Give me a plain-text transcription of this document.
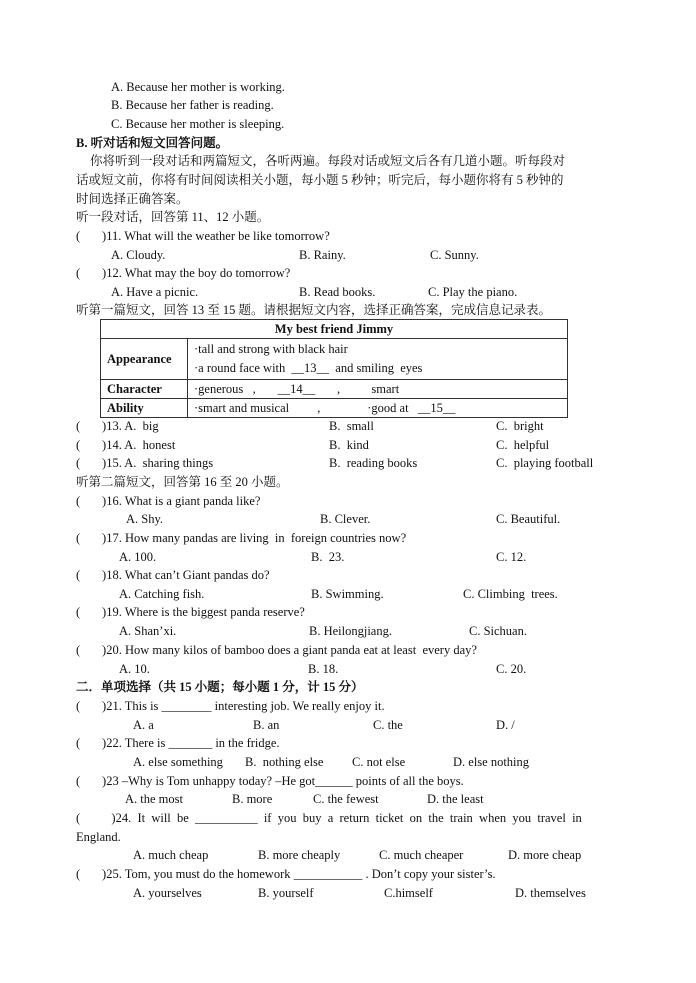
A. Because her mother is working.
B. Because her father is reading.
C. Because her mother is sleeping.
B. 听对话和短文回答问题。
你将听到一段对话和两篇短文，各听两遍。每段对话或短文后各有几道小题。听每段对
话或短文前，你将有时间阅读相关小题，每小题 5 秒钟；听完后，每小题你将有 5 秒钟的
时间选择正确答案。
听一段对话，回答第 11、12 小题。
(       )11. What will the weather be like tomorrow?
A. Cloudy.	B. Rainy.	C. Sunny.
(       )12. What may the boy do tomorrow?
A. Have a picnic.	B. Read books.	C. Play the piano.
听第一篇短文，回答 13 至 15 题。请根据短文内容，选择正确答案，完成信息记录表。
My best friend Jimmy	
Appearance	·tall and strong with black hair
·a round face with  __13__  and smiling  eyes

Character	·generous   ,       __14__       ,          smart
Ability	·smart and musical         ,               ·good at   __15__
(       )13. A.  big	B.  small	C.  bright
(       )14. A.  honest	B.  kind	C.  helpful
(       )15. A.  sharing things	B.  reading books	C.  playing football
听第二篇短文，回答第 16 至 20 小题。
(       )16. What is a giant panda like?
A. Shy.	B. Clever.	C. Beautiful.
(       )17. How many pandas are living  in  foreign countries now?
A. 100.	B.  23.	C. 12.
(       )18. What can’t Giant pandas do?
A. Catching fish.	B. Swimming.	C. Climbing  trees.
(       )19. Where is the biggest panda reserve?
A. Shan’xi.	B. Heilongjiang.	C. Sichuan.
(       )20. How many kilos of bamboo does a giant panda eat at least  every day?
A. 10.	B. 18.	C. 20.
二．单项选择（共 15 小题；每小题 1 分，计 15 分）
(       )21. This is ________ interesting job. We really enjoy it.
A. a	B. an	C. the	D. /
(       )22. There is _______ in the fridge.
A. else something B.  nothing else C. not else	D. else nothing
(       )23 –Why is Tom unhappy today? –He got______ points of all the boys.
A. the most	B. more	C. the fewest	D. the least
(          )24.  It  will  be  __________  if  you  buy  a  return  ticket  on  the  train  when  you  travel  in
England.
A. much cheap	B. more cheaply	C. much cheaper	D. more cheap
(       )25. Tom, you must do the homework ___________ . Don’t copy your sister’s.
A. yourselves	B. yourself	C.himself	D. themselves
